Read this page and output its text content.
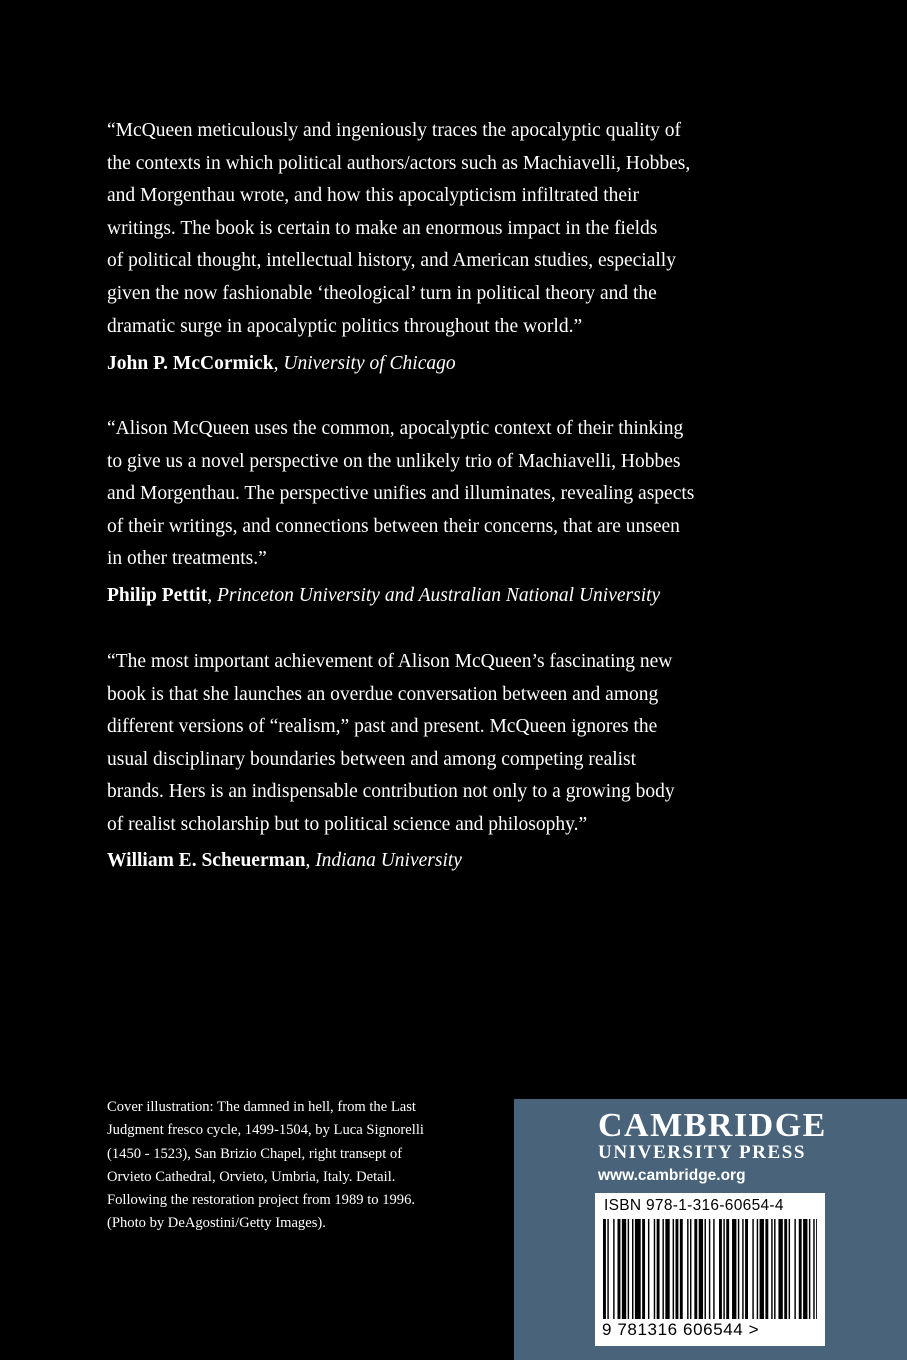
“McQueen meticulously and ingeniously traces the apocalyptic quality of
the contexts in which political authors/actors such as Machiavelli, Hobbes,
and Morgenthau wrote, and how this apocalypticism infiltrated their
writings. The book is certain to make an enormous impact in the fields
of political thought, intellectual history, and American studies, especially
given the now fashionable ‘theological’ turn in political theory and the
dramatic surge in apocalyptic politics throughout the world.”
John P. McCormick, University of Chicago
“Alison McQueen uses the common, apocalyptic context of their thinking
to give us a novel perspective on the unlikely trio of Machiavelli, Hobbes
and Morgenthau. The perspective unifies and illuminates, revealing aspects
of their writings, and connections between their concerns, that are unseen
in other treatments.”
Philip Pettit, Princeton University and Australian National University
“The most important achievement of Alison McQueen’s fascinating new
book is that she launches an overdue conversation between and among
different versions of “realism,” past and present. McQueen ignores the
usual disciplinary boundaries between and among competing realist
brands. Hers is an indispensable contribution not only to a growing body
of realist scholarship but to political science and philosophy.”
William E. Scheuerman, Indiana University
Cover illustration: The damned in hell, from the Last
Judgment fresco cycle, 1499-1504, by Luca Signorelli
(1450 - 1523), San Brizio Chapel, right transept of
Orvieto Cathedral, Orvieto, Umbria, Italy. Detail.
Following the restoration project from 1989 to 1996.
(Photo by DeAgostini/Getty Images).
CAMBRIDGE
UNIVERSITY PRESS
www.cambridge.org
ISBN 978-1-316-60654-4
9 781316 606544 >
